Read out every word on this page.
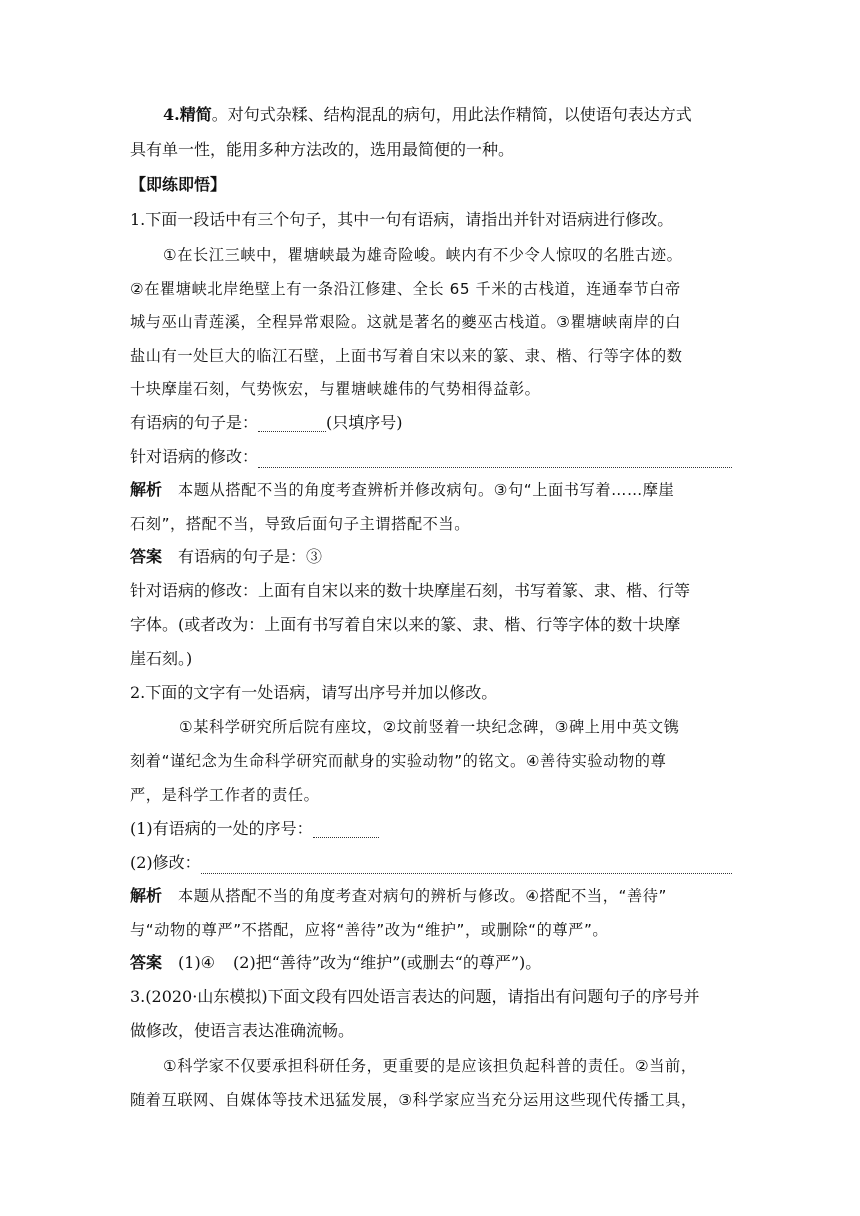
4.精简。对句式杂糅、结构混乱的病句，用此法作精简，以使语句表达方式
具有单一性，能用多种方法改的，选用最简便的一种。
【即练即悟】
1.下面一段话中有三个句子，其中一句有语病，请指出并针对语病进行修改。
①在长江三峡中，瞿塘峡最为雄奇险峻。峡内有不少令人惊叹的名胜古迹。
②在瞿塘峡北岸绝壁上有一条沿江修建、全长 65 千米的古栈道，连通奉节白帝
城与巫山青莲溪，全程异常艰险。这就是著名的夔巫古栈道。③瞿塘峡南岸的白
盐山有一处巨大的临江石壁，上面书写着自宋以来的篆、隶、楷、行等字体的数
十块摩崖石刻，气势恢宏，与瞿塘峡雄伟的气势相得益彰。
有语病的句子是：	(只填序号)
针对语病的修改：
解析 本题从搭配不当的角度考查辨析并修改病句。③句“上面书写着……摩崖
石刻”，搭配不当，导致后面句子主谓搭配不当。
答案 有语病的句子是：③
针对语病的修改：上面有自宋以来的数十块摩崖石刻，书写着篆、隶、楷、行等
字体。(或者改为：上面有书写着自宋以来的篆、隶、楷、行等字体的数十块摩
崖石刻。)
2.下面的文字有一处语病，请写出序号并加以修改。
①某科学研究所后院有座坟，②坟前竖着一块纪念碑，③碑上用中英文镌
刻着“谨纪念为生命科学研究而献身的实验动物”的铭文。④善待实验动物的尊
严，是科学工作者的责任。
(1)有语病的一处的序号：
(2)修改：
解析 本题从搭配不当的角度考查对病句的辨析与修改。④搭配不当，“善待”
与“动物的尊严”不搭配，应将“善待”改为“维护”，或删除“的尊严”。
答案 (1)④ (2)把“善待”改为“维护”(或删去“的尊严”)。
3.(2020·山东模拟)下面文段有四处语言表达的问题，请指出有问题句子的序号并
做修改，使语言表达准确流畅。
①科学家不仅要承担科研任务，更重要的是应该担负起科普的责任。②当前，
随着互联网、自媒体等技术迅猛发展，③科学家应当充分运用这些现代传播工具，
